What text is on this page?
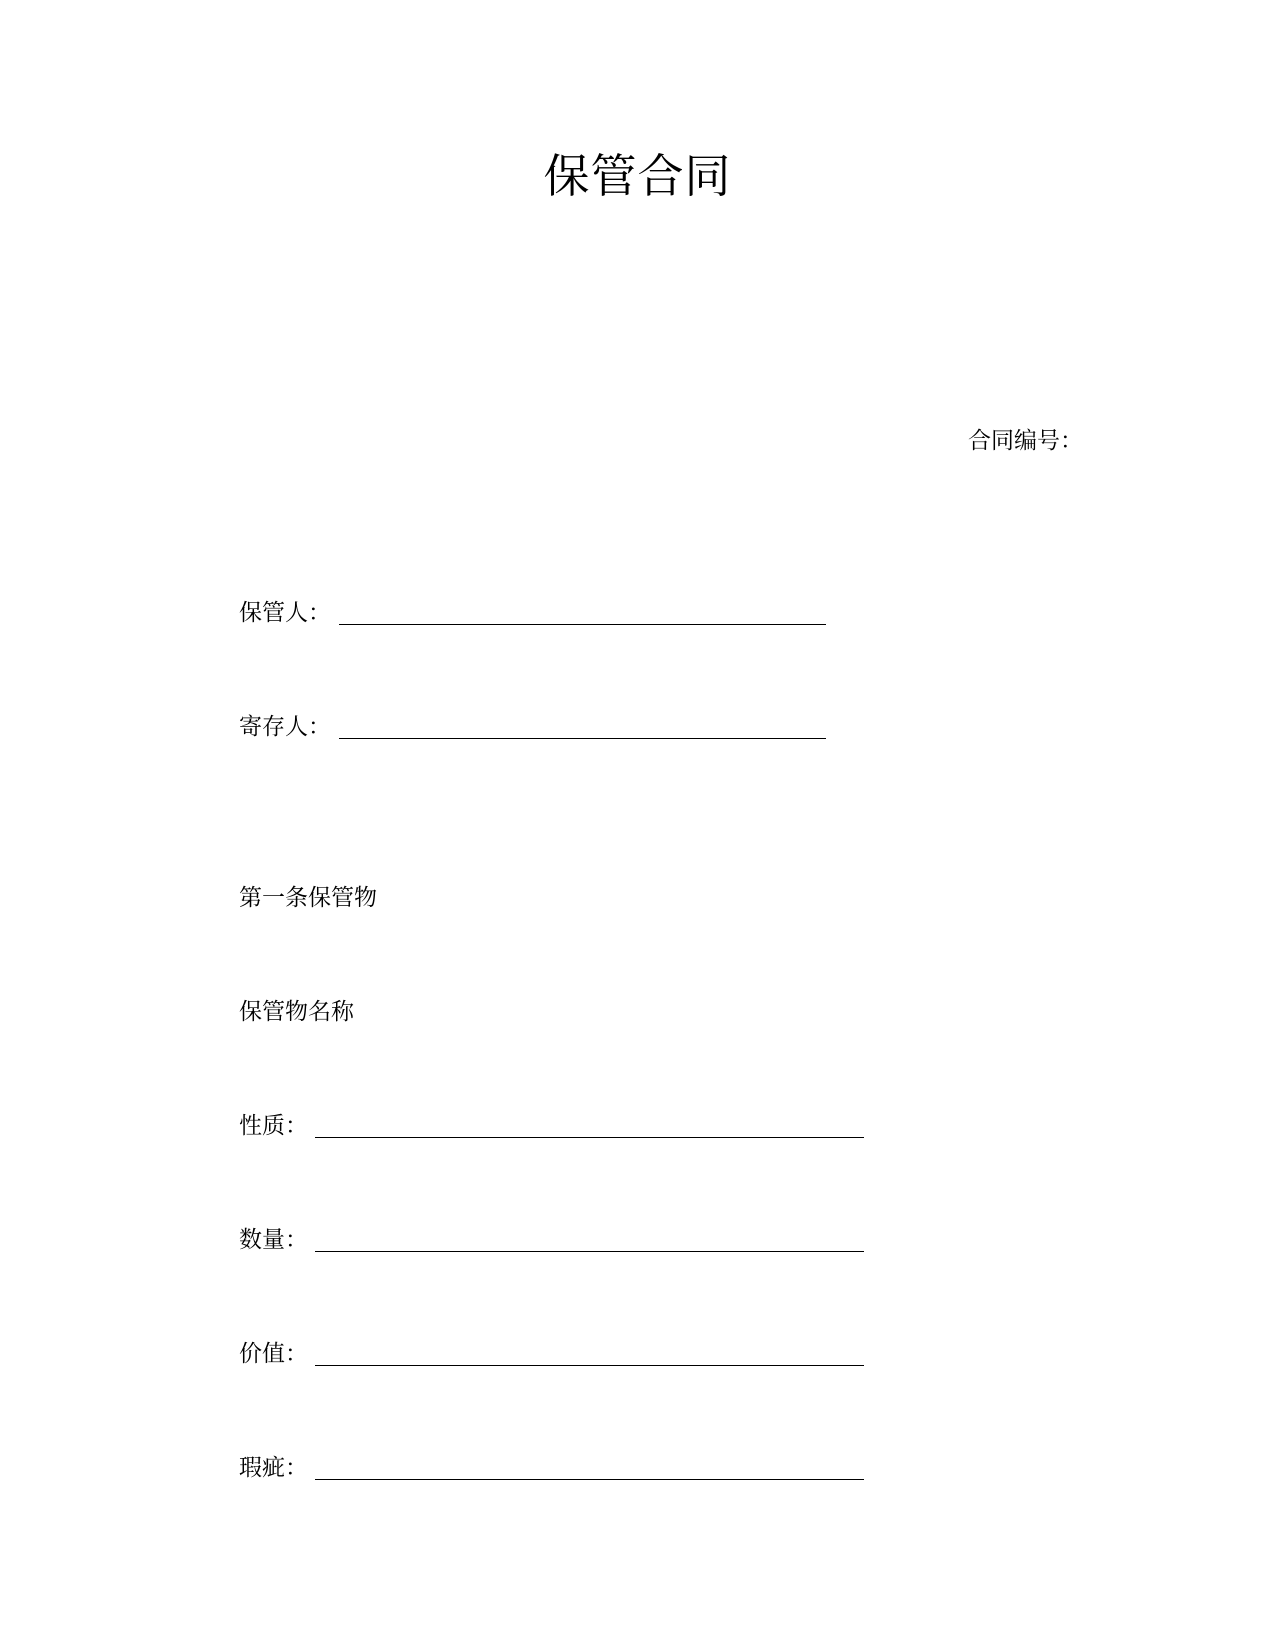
保管合同
合同编号：
保管人：
寄存人：
第一条保管物
保管物名称
性质：
数量：
价值：
瑕疵：
